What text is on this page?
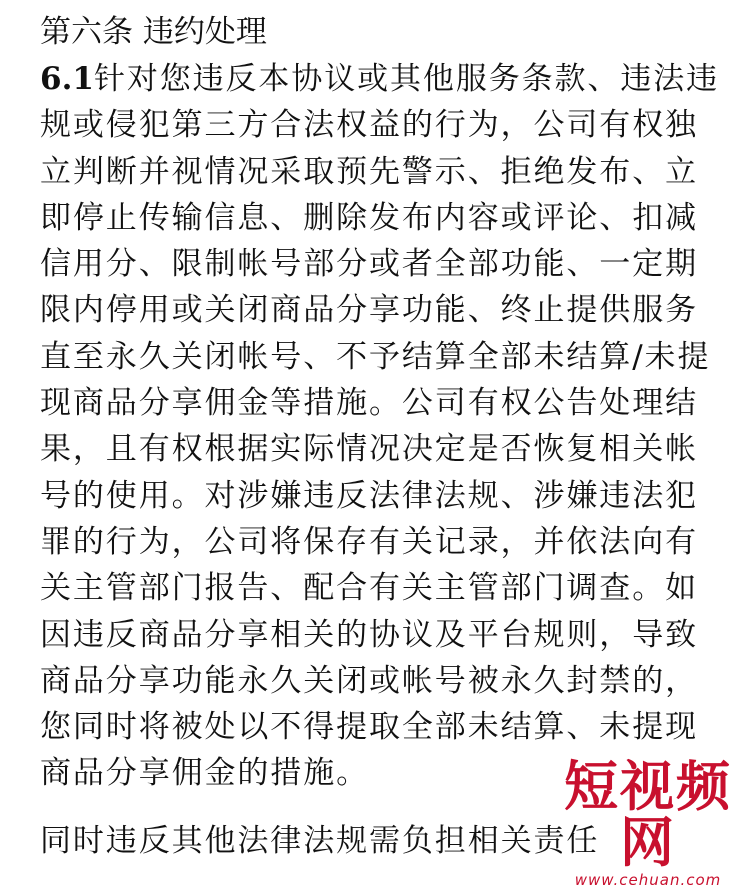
第六条 违约处理
6.1针对您违反本协议或其他服务条款、违法违
规或侵犯第三方合法权益的行为，公司有权独
立判断并视情况采取预先警示、拒绝发布、立
即停止传输信息、删除发布内容或评论、扣减
信用分、限制帐号部分或者全部功能、一定期
限内停用或关闭商品分享功能、终止提供服务
直至永久关闭帐号、不予结算全部未结算/未提
现商品分享佣金等措施。公司有权公告处理结
果，且有权根据实际情况决定是否恢复相关帐
号的使用。对涉嫌违反法律法规、涉嫌违法犯
罪的行为，公司将保存有关记录，并依法向有
关主管部门报告、配合有关主管部门调查。如
因违反商品分享相关的协议及平台规则，导致
商品分享功能永久关闭或帐号被永久封禁的，
您同时将被处以不得提取全部未结算、未提现
商品分享佣金的措施。
同时违反其他法律法规需负担相关责任
短视频网
www.cehuan.com
